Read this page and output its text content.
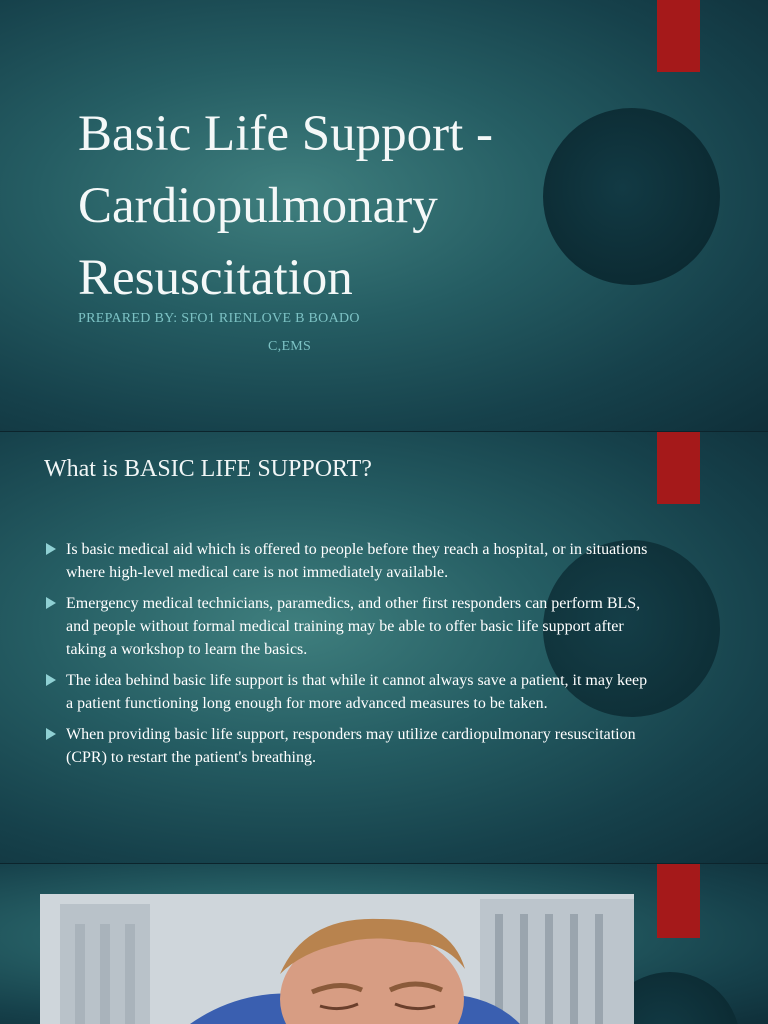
Basic Life Support -
Cardiopulmonary
Resuscitation

PREPARED BY: SFO1 RIENLOVE B BOADO
C,EMS

What is BASIC LIFE SUPPORT?
Is basic medical aid which is offered to people before they reach a hospital, or in situations where high-level medical care is not immediately available.
Emergency medical technicians, paramedics, and other first responders can perform BLS, and people without formal medical training may be able to offer basic life support after taking a workshop to learn the basics.
The idea behind basic life support is that while it cannot always save a patient, it may keep a patient functioning long enough for more advanced measures to be taken.
When providing basic life support, responders may utilize cardiopulmonary resuscitation (CPR) to restart the patient's breathing.
